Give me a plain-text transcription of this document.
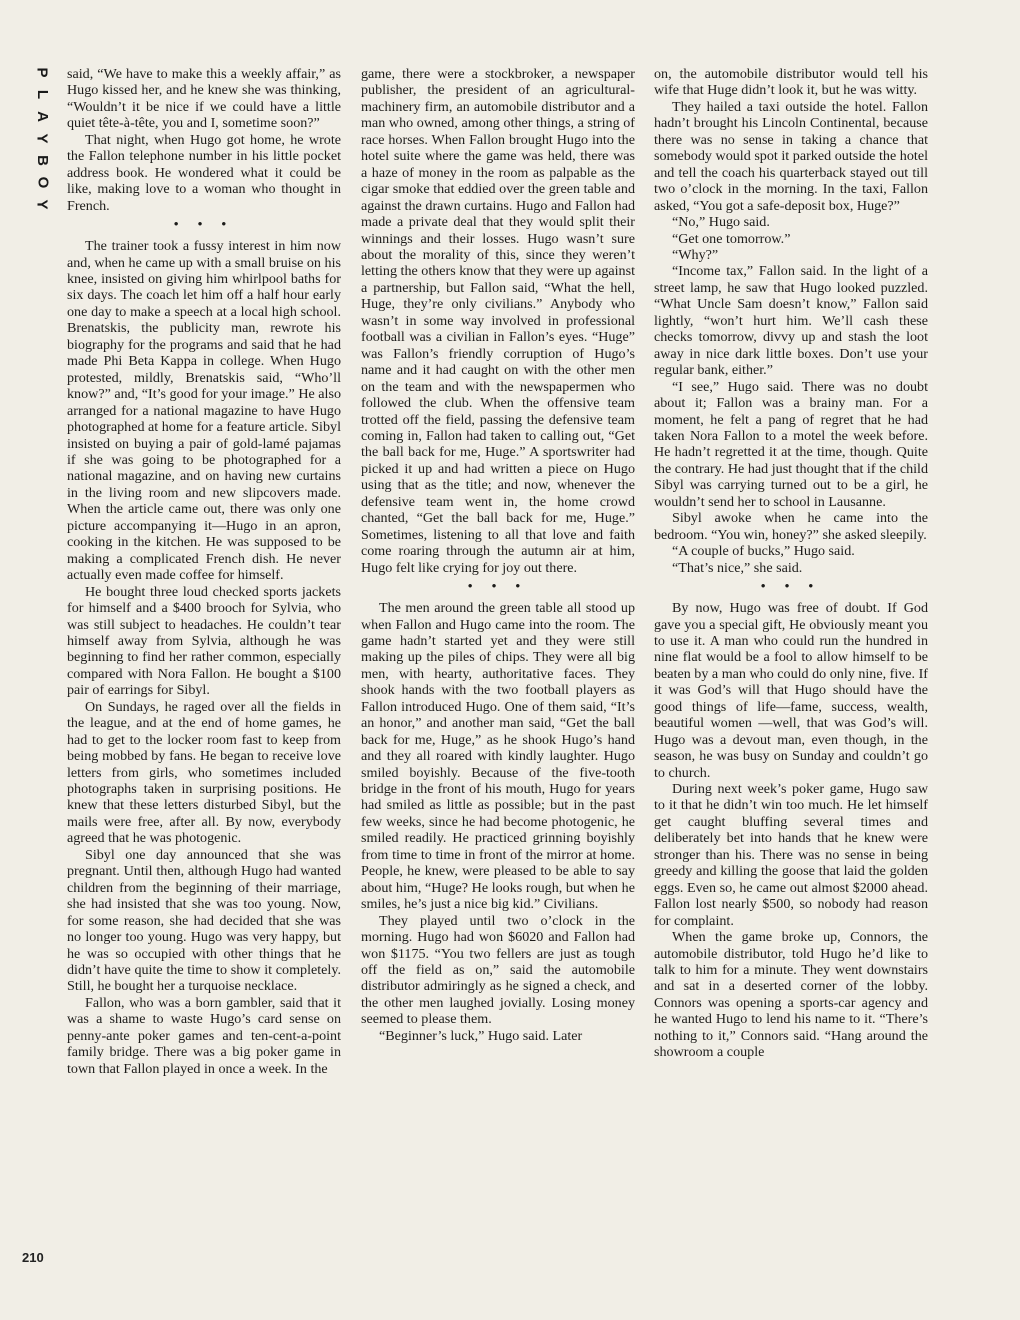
P
L
A
Y
B
O
Y

said, “We have to make this a weekly affair,” as Hugo kissed her, and he knew she was thinking, “Wouldn’t it be nice if we could have a little quiet tête-à-tête, you and I, sometime soon?”

That night, when Hugo got home, he wrote the Fallon telephone number in his little pocket address book. He wondered what it could be like, making love to a woman who thought in French.

• • •

The trainer took a fussy interest in him now and, when he came up with a small bruise on his knee, insisted on giving him whirlpool baths for six days. The coach let him off a half hour early one day to make a speech at a local high school. Brenatskis, the publicity man, rewrote his biography for the programs and said that he had made Phi Beta Kappa in college. When Hugo protested, mildly, Brenatskis said, “Who’ll know?” and, “It’s good for your image.” He also arranged for a national magazine to have Hugo photographed at home for a feature article. Sibyl insisted on buying a pair of gold-lamé pajamas if she was going to be photographed for a national magazine, and on having new curtains in the living room and new slipcovers made. When the article came out, there was only one picture accompanying it—Hugo in an apron, cooking in the kitchen. He was supposed to be making a complicated French dish. He never actually even made coffee for himself.

He bought three loud checked sports jackets for himself and a $400 brooch for Sylvia, who was still subject to headaches. He couldn’t tear himself away from Sylvia, although he was beginning to find her rather common, especially compared with Nora Fallon. He bought a $100 pair of earrings for Sibyl.

On Sundays, he raged over all the fields in the league, and at the end of home games, he had to get to the locker room fast to keep from being mobbed by fans. He began to receive love letters from girls, who sometimes included photographs taken in surprising positions. He knew that these letters disturbed Sibyl, but the mails were free, after all. By now, everybody agreed that he was photogenic.

Sibyl one day announced that she was pregnant. Until then, although Hugo had wanted children from the beginning of their marriage, she had insisted that she was too young. Now, for some reason, she had decided that she was no longer too young. Hugo was very happy, but he was so occupied with other things that he didn’t have quite the time to show it completely. Still, he bought her a turquoise necklace.

Fallon, who was a born gambler, said that it was a shame to waste Hugo’s card sense on penny-ante poker games and ten-cent-a-point family bridge. There was a big poker game in town that Fallon played in once a week. In the

game, there were a stockbroker, a newspaper publisher, the president of an agricultural-machinery firm, an automobile distributor and a man who owned, among other things, a string of race horses. When Fallon brought Hugo into the hotel suite where the game was held, there was a haze of money in the room as palpable as the cigar smoke that eddied over the green table and against the drawn curtains. Hugo and Fallon had made a private deal that they would split their winnings and their losses. Hugo wasn’t sure about the morality of this, since they weren’t letting the others know that they were up against a partnership, but Fallon said, “What the hell, Huge, they’re only civilians.” Anybody who wasn’t in some way involved in professional football was a civilian in Fallon’s eyes. “Huge” was Fallon’s friendly corruption of Hugo’s name and it had caught on with the other men on the team and with the newspapermen who followed the club. When the offensive team trotted off the field, passing the defensive team coming in, Fallon had taken to calling out, “Get the ball back for me, Huge.” A sportswriter had picked it up and had written a piece on Hugo using that as the title; and now, whenever the defensive team went in, the home crowd chanted, “Get the ball back for me, Huge.” Sometimes, listening to all that love and faith come roaring through the autumn air at him, Hugo felt like crying for joy out there.

• • •

The men around the green table all stood up when Fallon and Hugo came into the room. The game hadn’t started yet and they were still making up the piles of chips. They were all big men, with hearty, authoritative faces. They shook hands with the two football players as Fallon introduced Hugo. One of them said, “It’s an honor,” and another man said, “Get the ball back for me, Huge,” as he shook Hugo’s hand and they all roared with kindly laughter. Hugo smiled boyishly. Because of the five-tooth bridge in the front of his mouth, Hugo for years had smiled as little as possible; but in the past few weeks, since he had become photogenic, he smiled readily. He practiced grinning boyishly from time to time in front of the mirror at home. People, he knew, were pleased to be able to say about him, “Huge? He looks rough, but when he smiles, he’s just a nice big kid.” Civilians.

They played until two o’clock in the morning. Hugo had won $6020 and Fallon had won $1175. “You two fellers are just as tough off the field as on,” said the automobile distributor admiringly as he signed a check, and the other men laughed jovially. Losing money seemed to please them.

“Beginner’s luck,” Hugo said. Later

on, the automobile distributor would tell his wife that Huge didn’t look it, but he was witty.

They hailed a taxi outside the hotel. Fallon hadn’t brought his Lincoln Continental, because there was no sense in taking a chance that somebody would spot it parked outside the hotel and tell the coach his quarterback stayed out till two o’clock in the morning. In the taxi, Fallon asked, “You got a safe-deposit box, Huge?”

“No,” Hugo said.

“Get one tomorrow.”

“Why?”

“Income tax,” Fallon said. In the light of a street lamp, he saw that Hugo looked puzzled. “What Uncle Sam doesn’t know,” Fallon said lightly, “won’t hurt him. We’ll cash these checks tomorrow, divvy up and stash the loot away in nice dark little boxes. Don’t use your regular bank, either.”

“I see,” Hugo said. There was no doubt about it; Fallon was a brainy man. For a moment, he felt a pang of regret that he had taken Nora Fallon to a motel the week before. He hadn’t regretted it at the time, though. Quite the contrary. He had just thought that if the child Sibyl was carrying turned out to be a girl, he wouldn’t send her to school in Lausanne.

Sibyl awoke when he came into the bedroom. “You win, honey?” she asked sleepily.

“A couple of bucks,” Hugo said.

“That’s nice,” she said.

• • •

By now, Hugo was free of doubt. If God gave you a special gift, He obviously meant you to use it. A man who could run the hundred in nine flat would be a fool to allow himself to be beaten by a man who could do only nine, five. If it was God’s will that Hugo should have the good things of life—fame, success, wealth, beautiful women —well, that was God’s will. Hugo was a devout man, even though, in the season, he was busy on Sunday and couldn’t go to church.

During next week’s poker game, Hugo saw to it that he didn’t win too much. He let himself get caught bluffing several times and deliberately bet into hands that he knew were stronger than his. There was no sense in being greedy and killing the goose that laid the golden eggs. Even so, he came out almost $2000 ahead. Fallon lost nearly $500, so nobody had reason for complaint.

When the game broke up, Connors, the automobile distributor, told Hugo he’d like to talk to him for a minute. They went downstairs and sat in a deserted corner of the lobby. Connors was opening a sports-car agency and he wanted Hugo to lend his name to it. “There’s nothing to it,” Connors said. “Hang around the showroom a couple

210
